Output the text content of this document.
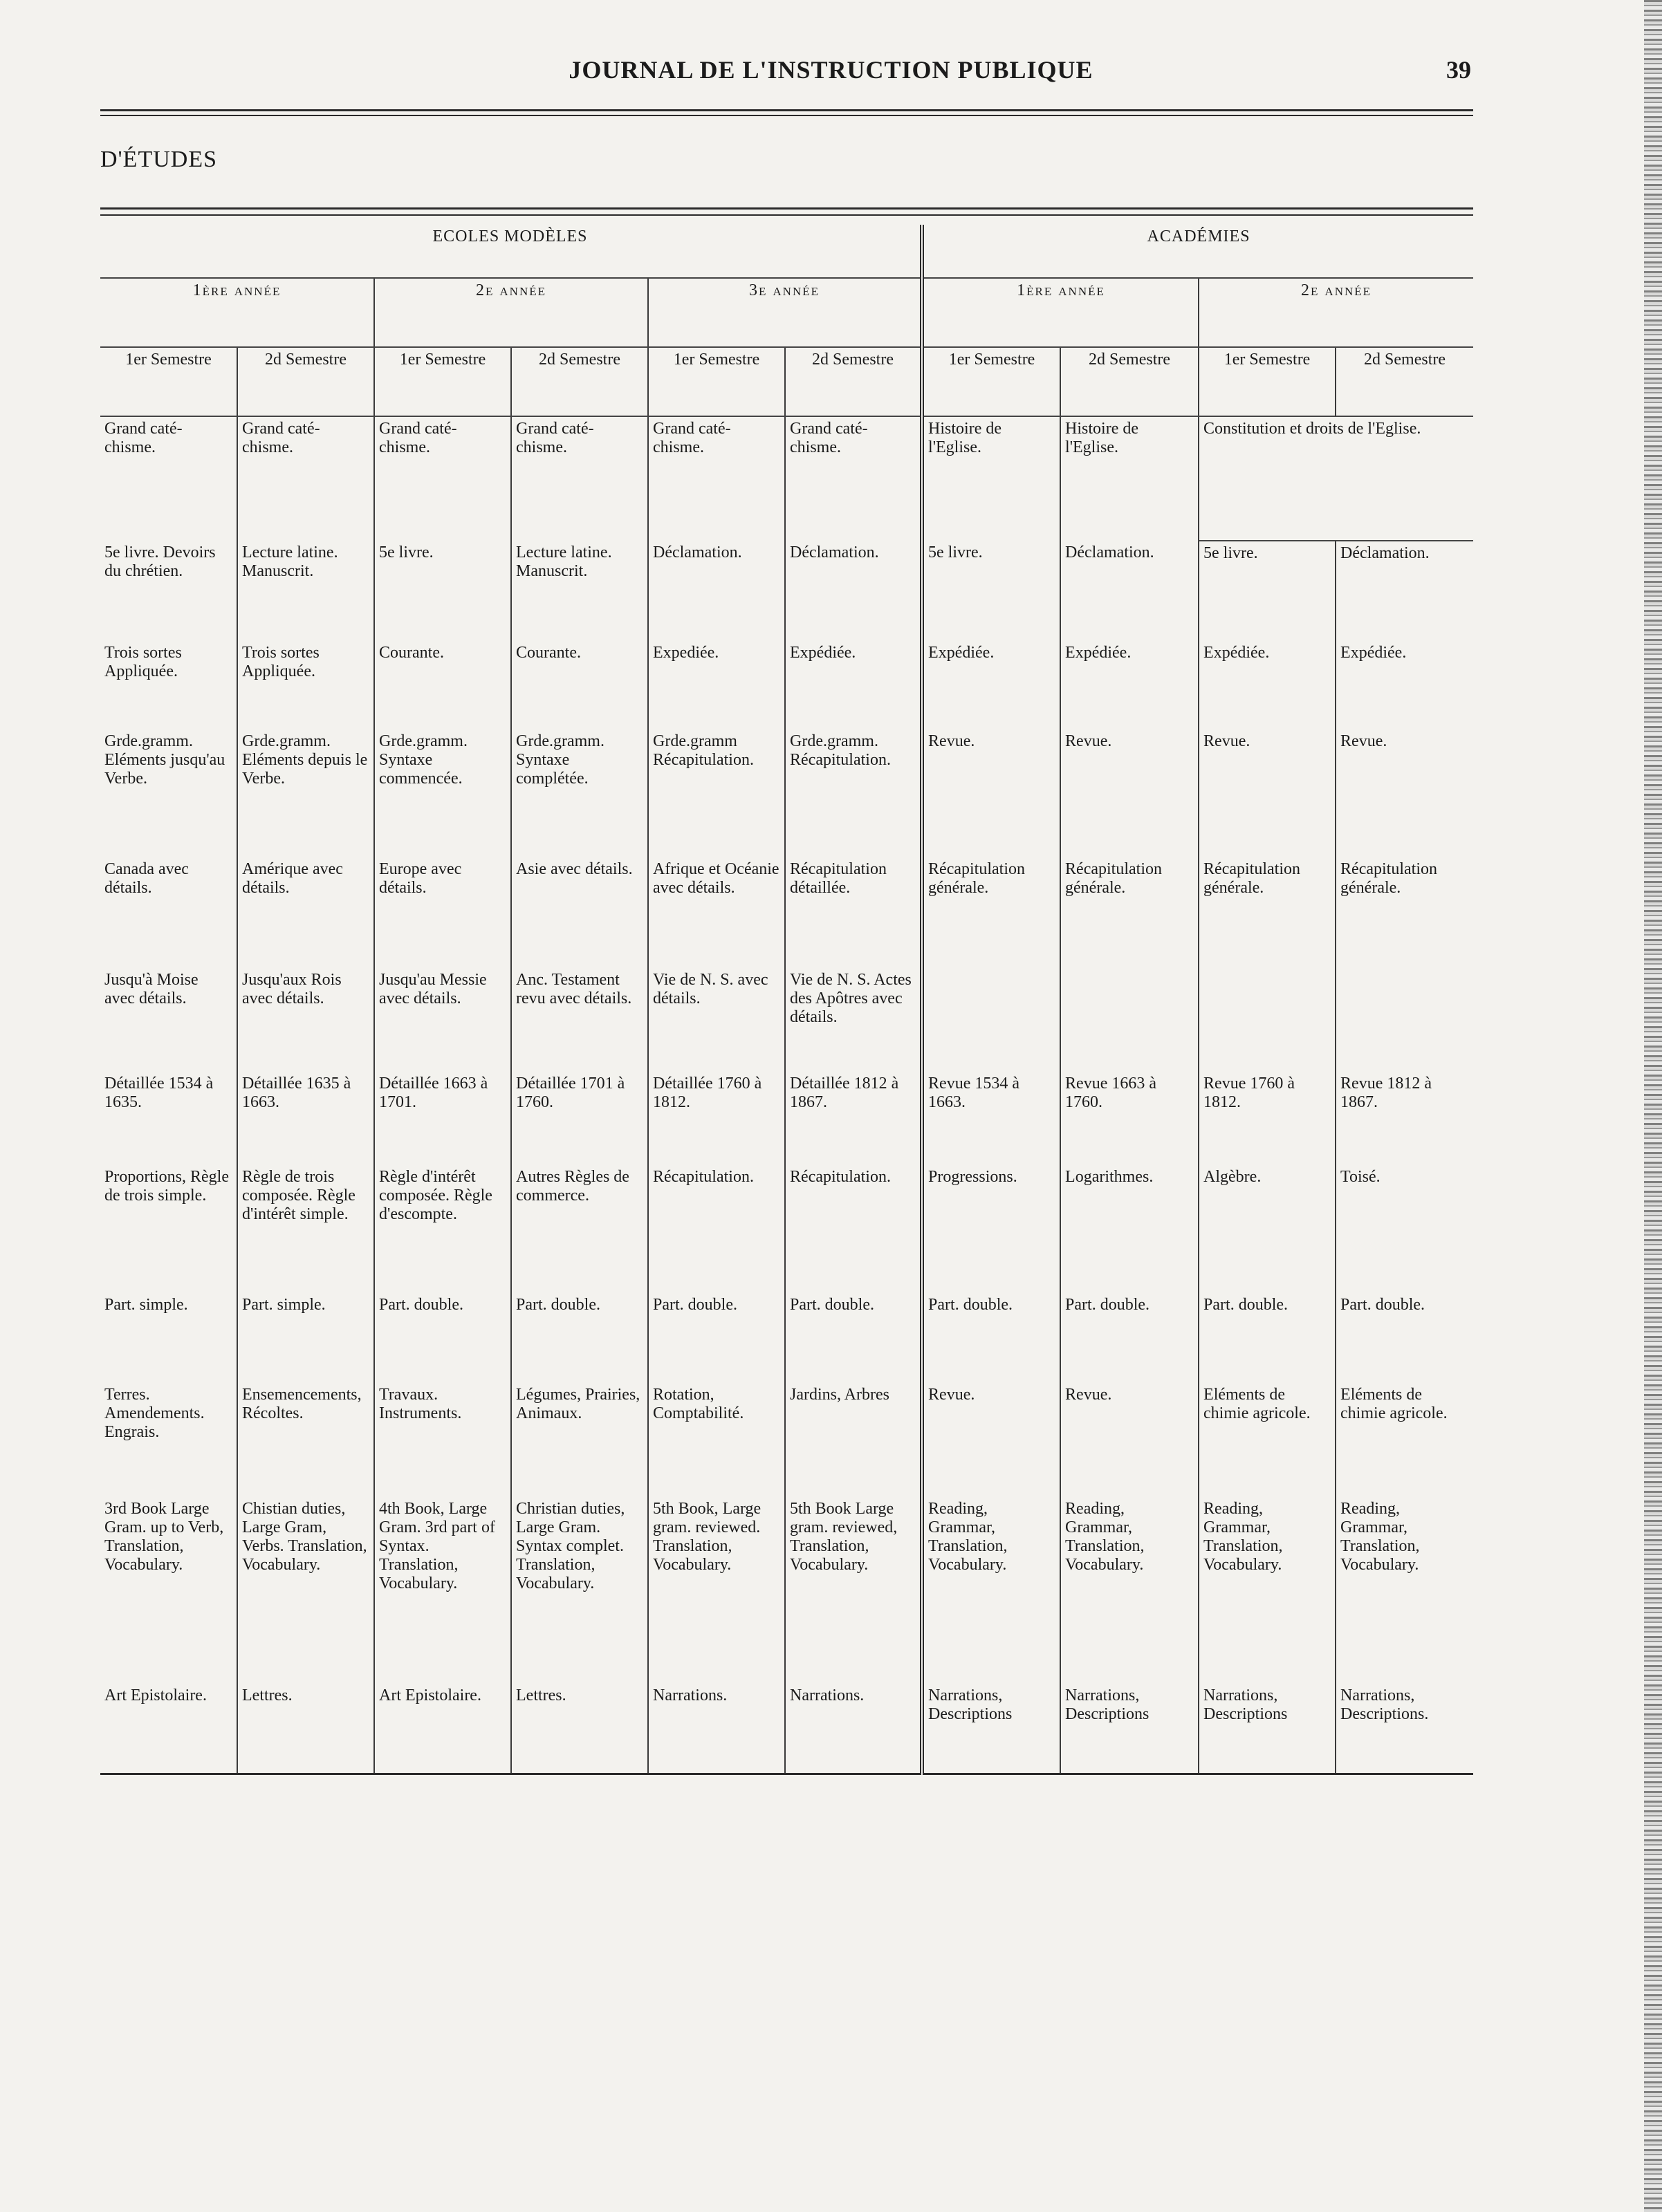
JOURNAL DE L'INSTRUCTION PUBLIQUE	39
D'ÉTUDES
ECOLES MODÈLES						ACADÉMIES			
1ère année		2e année		3e année		1ère année		2e année	
1er Semestre	2d Semestre	1er Semestre	2d Semestre	1er Semestre	2d Semestre	1er Semestre	2d Semestre	1er Semestre	2d Semestre
Grand caté-chisme.	Grand caté-chisme.	Grand caté-chisme.	Grand caté-chisme.	Grand caté-chisme.	Grand caté-chisme.	Histoire de l'Eglise.	Histoire de l'Eglise.	Constitution et droits de l'Eglise.	
5e livre. Devoirs du chrétien.	Lecture latine. Manuscrit.	5e livre.	Lecture latine. Manuscrit.	Déclamation.	Déclamation.	5e livre.	Déclamation.	5e livre.	Déclamation.
Trois sortes Appliquée.	Trois sortes Appliquée.	Courante.	Courante.	Expediée.	Expédiée.	Expédiée.	Expédiée.	Expédiée.	Expédiée.
Grde.gramm. Eléments jusqu'au Verbe.	Grde.gramm. Eléments depuis le Verbe.	Grde.gramm. Syntaxe commencée.	Grde.gramm. Syntaxe complétée.	Grde.gramm Récapitulation.	Grde.gramm. Récapitulation.	Revue.	Revue.	Revue.	Revue.
Canada avec détails.	Amérique avec détails.	Europe avec détails.	Asie avec détails.	Afrique et Océanie avec détails.	Récapitulation détaillée.	Récapitulation générale.	Récapitulation générale.	Récapitulation générale.	Récapitulation générale.
Jusqu'à Moise avec détails.	Jusqu'aux Rois avec détails.	Jusqu'au Messie avec détails.	Anc. Testament revu avec détails.	Vie de N. S. avec détails.	Vie de N. S. Actes des Apôtres avec détails.				
Détaillée 1534 à 1635.	Détaillée 1635 à 1663.	Détaillée 1663 à 1701.	Détaillée 1701 à 1760.	Détaillée 1760 à 1812.	Détaillée 1812 à 1867.	Revue 1534 à 1663.	Revue 1663 à 1760.	Revue 1760 à 1812.	Revue 1812 à 1867.
Proportions, Règle de trois simple.	Règle de trois composée. Règle d'intérêt simple.	Règle d'intérêt composée. Règle d'escompte.	Autres Règles de commerce.	Récapitulation.	Récapitulation.	Progressions.	Logarithmes.	Algèbre.	Toisé.
Part. simple.	Part. simple.	Part. double.	Part. double.	Part. double.	Part. double.	Part. double.	Part. double.	Part. double.	Part. double.
Terres. Amendements. Engrais.	Ensemencements, Récoltes.	Travaux. Instruments.	Légumes, Prairies, Animaux.	Rotation, Comptabilité.	Jardins, Arbres	Revue.	Revue.	Eléments de chimie agricole.	Eléments de chimie agricole.
3rd Book Large Gram. up to Verb, Translation, Vocabulary.	Chistian duties, Large Gram, Verbs. Translation, Vocabulary.	4th Book, Large Gram. 3rd part of Syntax. Translation, Vocabulary.	Christian duties, Large Gram. Syntax complet. Translation, Vocabulary.	5th Book, Large gram. reviewed. Translation, Vocabulary.	5th Book Large gram. reviewed, Translation, Vocabulary.	Reading, Grammar, Translation, Vocabulary.	Reading, Grammar, Translation, Vocabulary.	Reading, Grammar, Translation, Vocabulary.	Reading, Grammar, Translation, Vocabulary.
Art Epistolaire.	Lettres.	Art Epistolaire.	Lettres.	Narrations.	Narrations.	Narrations, Descriptions	Narrations, Descriptions	Narrations, Descriptions	Narrations, Descriptions.
